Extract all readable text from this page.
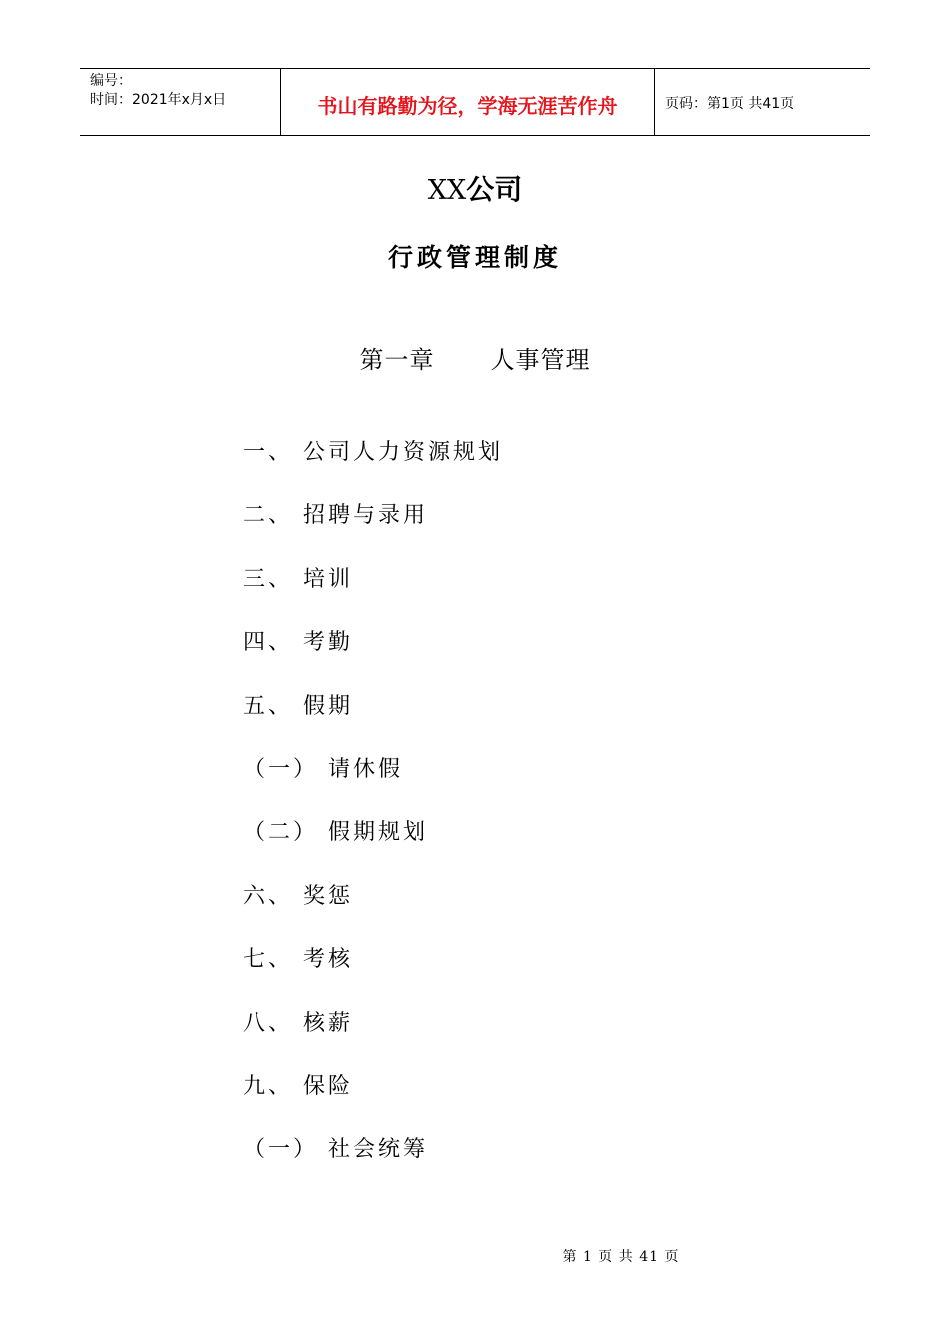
编号：
时间：2021年x月x日	书山有路勤为径，学海无涯苦作舟	页码：第1页 共41页
XX公司
行政管理制度
第一章 人事管理
一、 公司人力资源规划
二、 招聘与录用
三、 培训
四、 考勤
五、 假期
（一） 请休假
（二） 假期规划
六、 奖惩
七、 考核
八、 核薪
九、 保险
（一） 社会统筹
第 1 页 共 41 页
